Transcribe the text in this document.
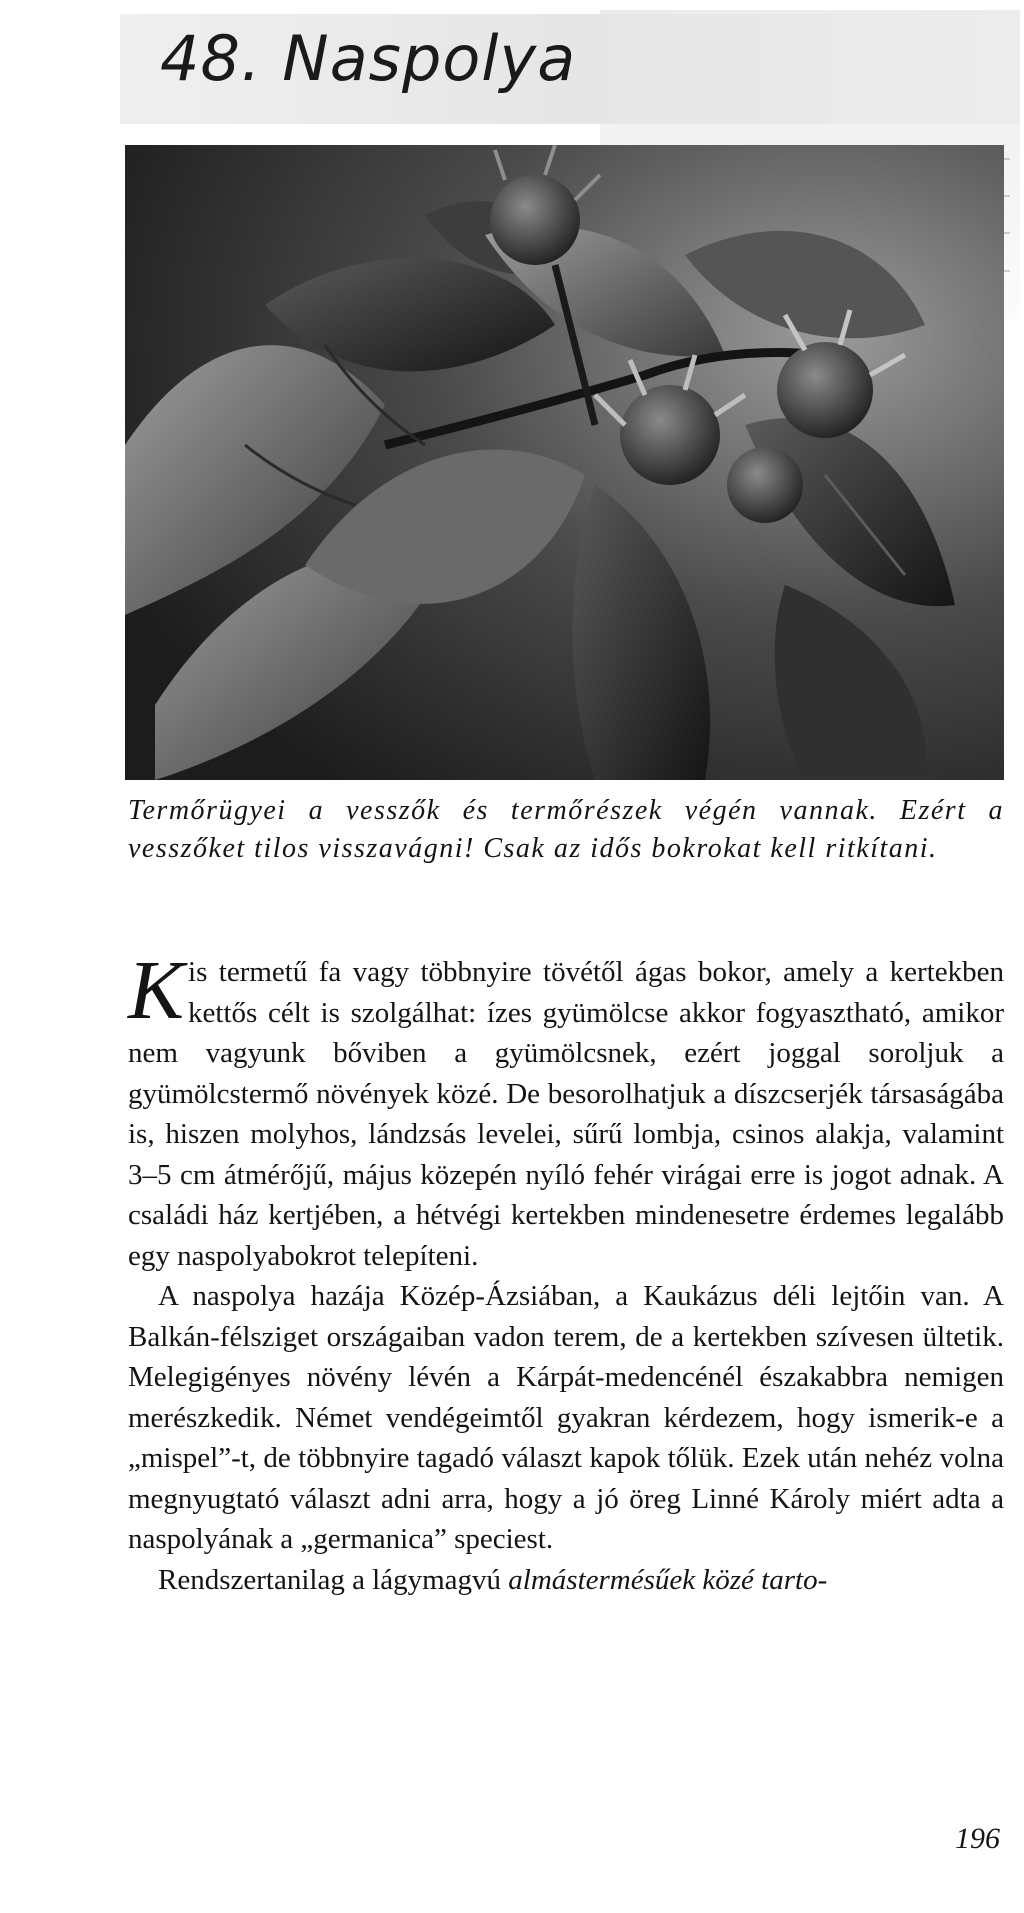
48. Naspolya

Termőrügyei a vesszők és termőrészek végén vannak. Ezért a vesszőket tilos visszavágni! Csak az idős bokrokat kell ritkítani.

Kis termetű fa vagy többnyire tövétől ágas bokor, amely a kertekben kettős célt is szolgálhat: ízes gyümölcse akkor fogyasztható, amikor nem vagyunk bőviben a gyümölcsnek, ezért joggal soroljuk a gyümölcstermő növények közé. De besorolhatjuk a díszcserjék társaságába is, hiszen molyhos, lándzsás levelei, sűrű lombja, csinos alakja, valamint 3–5 cm átmérőjű, május közepén nyíló fehér virágai erre is jogot adnak. A családi ház kertjében, a hétvégi kertekben mindenesetre érdemes legalább egy naspolyabokrot telepíteni.

A naspolya hazája Közép-Ázsiában, a Kaukázus déli lejtőin van. A Balkán-félsziget országaiban vadon terem, de a kertekben szívesen ültetik. Melegigényes növény lévén a Kárpát-medencénél északabbra nemigen merészkedik. Német vendégeimtől gyakran kérdezem, hogy ismerik-e a „mispel”-t, de többnyire tagadó választ kapok tőlük. Ezek után nehéz volna megnyugtató választ adni arra, hogy a jó öreg Linné Károly miért adta a naspolyának a „germanica” speciest.

Rendszertanilag a lágymagvú almástermésűek közé tarto-

196
